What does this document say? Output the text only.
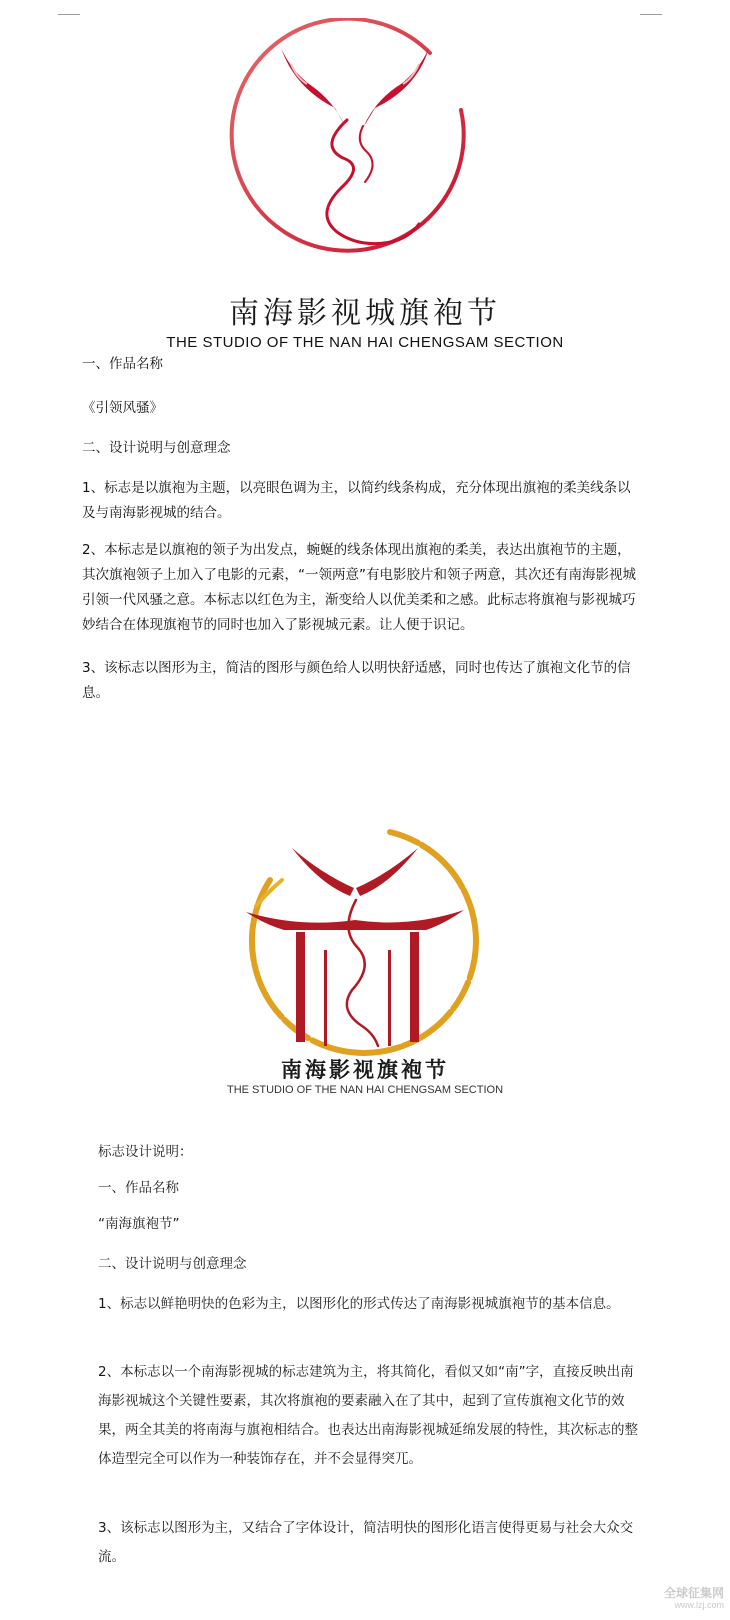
南海影视城旗袍节
THE STUDIO OF THE NAN HAI CHENGSAM SECTION

一、作品名称

《引领风骚》

二、设计说明与创意理念

1、标志是以旗袍为主题，以亮眼色调为主，以简约线条构成，充分体现出旗袍的柔美线条以及与南海影视城的结合。

2、本标志是以旗袍的领子为出发点，蜿蜒的线条体现出旗袍的柔美，表达出旗袍节的主题，其次旗袍领子上加入了电影的元素，“一领两意”有电影胶片和领子两意，其次还有南海影视城引领一代风骚之意。本标志以红色为主，渐变给人以优美柔和之感。此标志将旗袍与影视城巧妙结合在体现旗袍节的同时也加入了影视城元素。让人便于识记。

3、该标志以图形为主，简洁的图形与颜色给人以明快舒适感，同时也传达了旗袍文化节的信息。

南海影视旗袍节
THE STUDIO OF THE NAN HAI CHENGSAM SECTION

标志设计说明：

一、作品名称

“南海旗袍节”

二、设计说明与创意理念

1、标志以鲜艳明快的色彩为主，以图形化的形式传达了南海影视城旗袍节的基本信息。

2、本标志以一个南海影视城的标志建筑为主，将其简化，看似又如“南”字，直接反映出南海影视城这个关键性要素，其次将旗袍的要素融入在了其中，起到了宣传旗袍文化节的效果，两全其美的将南海与旗袍相结合。也表达出南海影视城延绵发展的特性，其次标志的整体造型完全可以作为一种装饰存在，并不会显得突兀。

3、该标志以图形为主，又结合了字体设计，简洁明快的图形化语言使得更易与社会大众交流。

全球征集网
www.lzj.com
